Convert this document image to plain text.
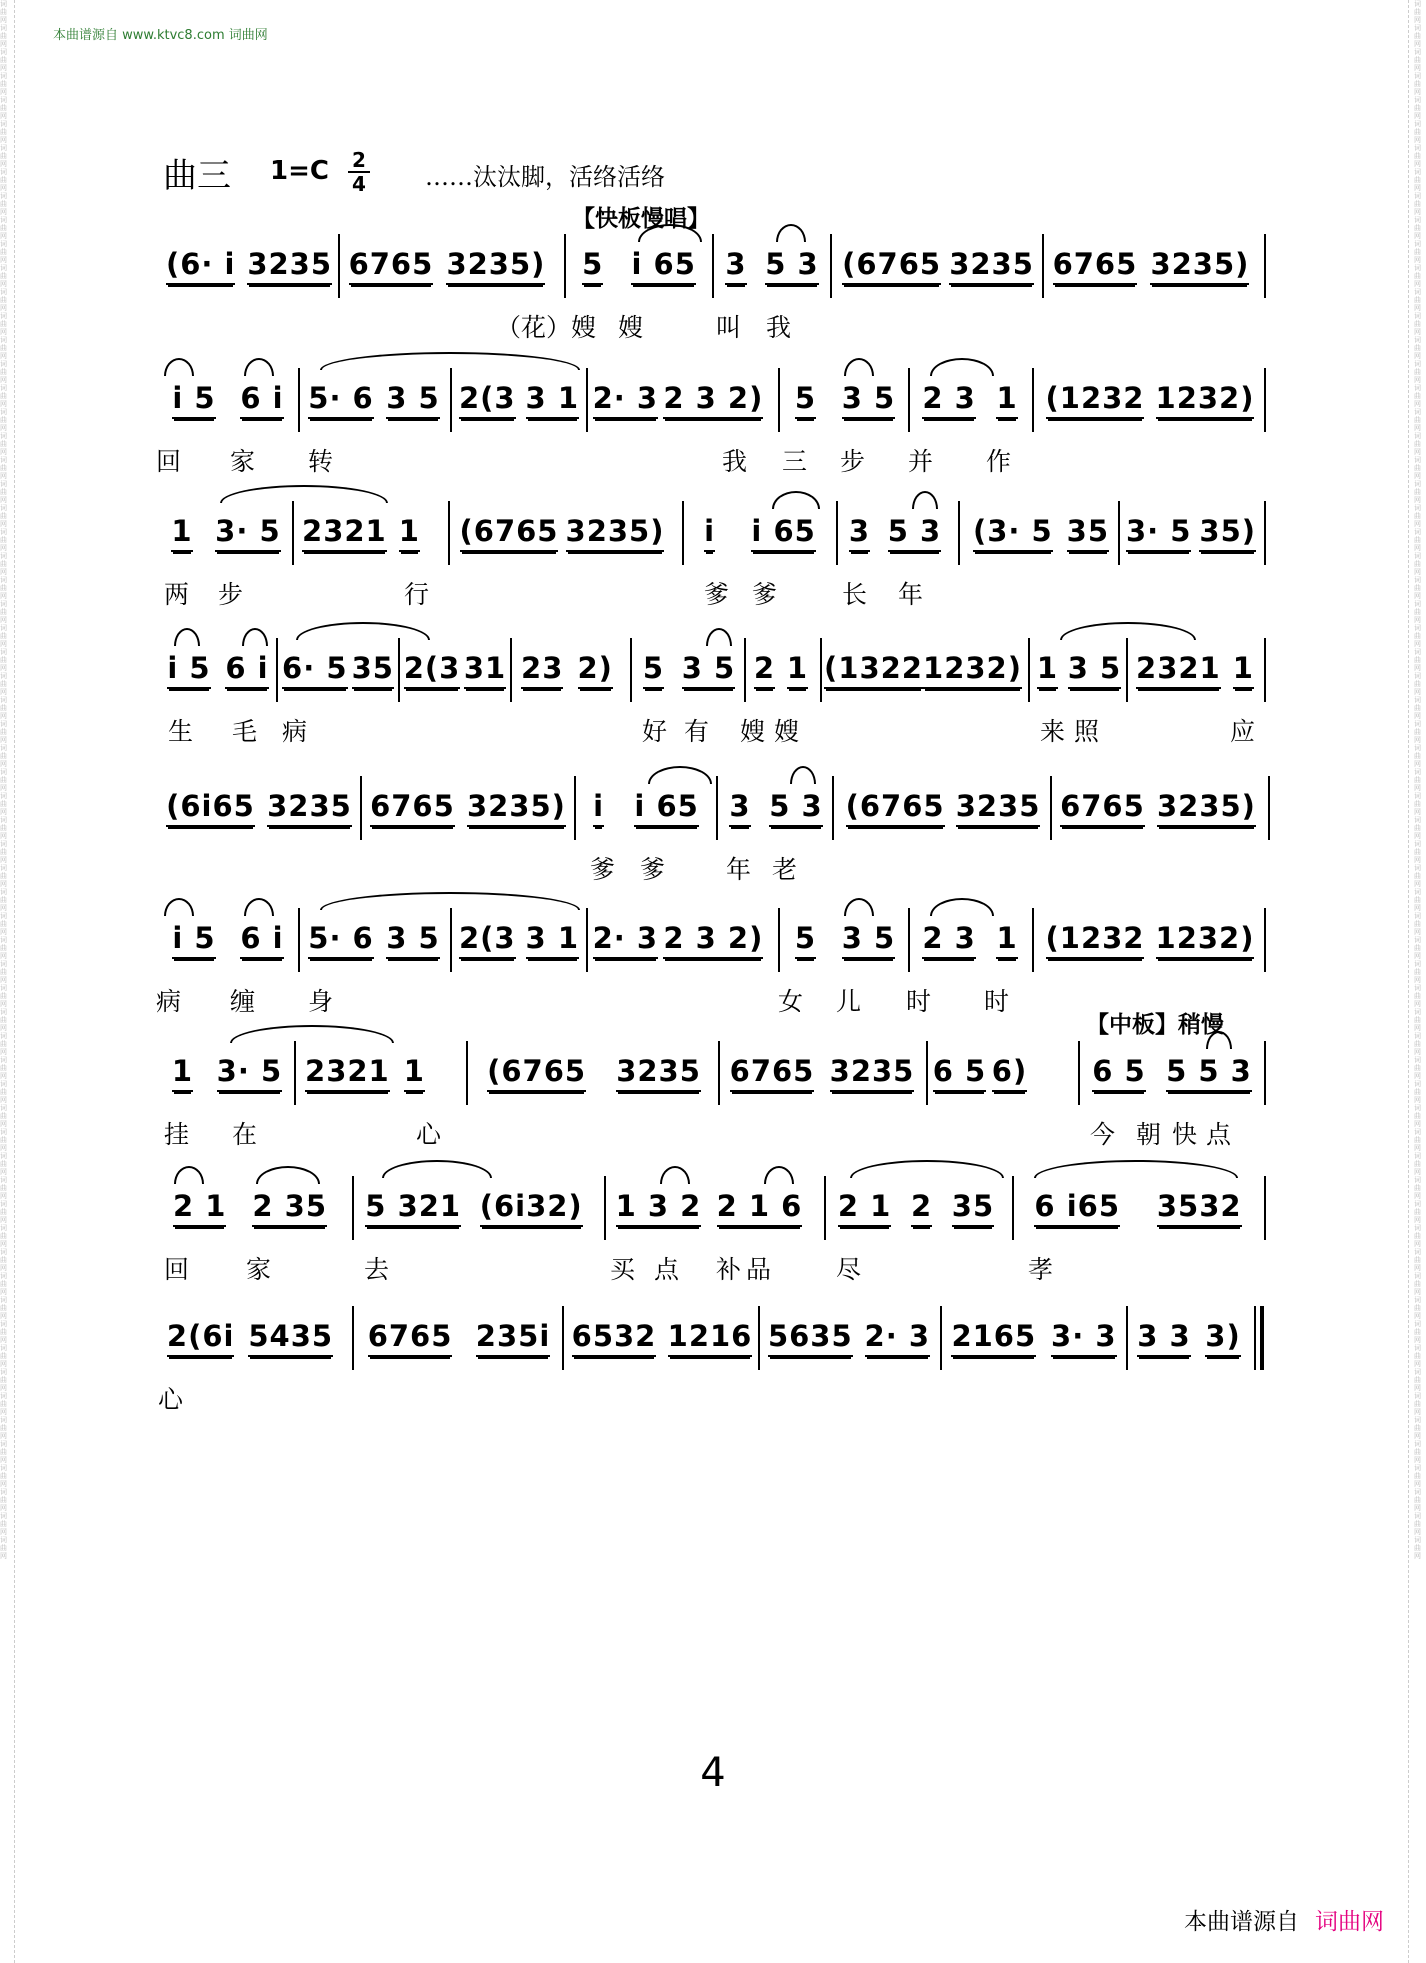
词曲网词曲网词曲网词曲网词曲网词曲网词曲网词曲网词曲网词曲网词曲网词曲网词曲网词曲网词曲网词曲网词曲网词曲网词曲网词曲网词曲网词曲网词曲网词曲网词曲网词曲网词曲网词曲网词曲网词曲网词曲网词曲网词曲网词曲网词曲网词曲网词曲网词曲网词曲网词曲网词曲网词曲网词曲网词曲网词曲网词曲网词曲网词曲网词曲网词曲网词曲网词曲网词曲网词曲网词曲网词曲网词曲网词曲网词曲网词曲网词曲网词曲网词曲网词曲网词曲网
词曲网词曲网词曲网词曲网词曲网词曲网词曲网词曲网词曲网词曲网词曲网词曲网词曲网词曲网词曲网词曲网词曲网词曲网词曲网词曲网词曲网词曲网词曲网词曲网词曲网词曲网词曲网词曲网词曲网词曲网词曲网词曲网词曲网词曲网词曲网词曲网词曲网词曲网词曲网词曲网词曲网词曲网词曲网词曲网词曲网词曲网词曲网词曲网词曲网词曲网词曲网词曲网词曲网词曲网词曲网词曲网词曲网词曲网词曲网词曲网词曲网词曲网词曲网词曲网词曲网
本曲谱源自 www.ktvc8.com 词曲网
曲三 1=C 2
4 ……汰汰脚，活络活络
【快板慢唱】
【中板】稍慢
(6· i 3235 6765 3235) 5 i 65 3 5 3 (6765 3235 6765 3235)
（花）嫂 嫂	叫 我
i 5 6 i 5· 6 3 5 2(3 3 1 2· 3 2 3 2) 5 3 5 2 3 1 (1232 1232)
回 家 转	我 三 步 并 作
1 3· 5 2321 1 (6765 3235) i i 65 3 5 3 (3· 5 35 3· 5 35)
两 步	行	爹 爹	长 年
i 5 6 i 6· 5 35 2(3 31 23 2) 5 3 5 2 1 (1322 1232) 1 3 5 2321 1
生 毛 病	好 有 嫂 嫂	来 照	应
(6i65 3235 6765 3235) i i 65 3 5 3 (6765 3235 6765 3235)
爹 爹 年 老
i 5 6 i 5· 6 3 5 2(3 3 1 2· 3 2 3 2) 5 3 5 2 3 1 (1232 1232)
病 缠 身	女 儿 时 时
1 3· 5 2321 1 (6765 3235 6765 3235 6 5 6) 6 5 5 5 3
挂 在	心	今 朝 快 点
2 1 2 35 5 321 (6i32) 1 3 2 2 1 6 2 1 2 35 6 i65 3532
回 家	去	买 点 补 品	尽	孝
2(6i 5435 6765 235i 6532 1216 5635 2· 3 2165 3· 3 3 3 3)
心
4
本曲谱源自 词曲网
